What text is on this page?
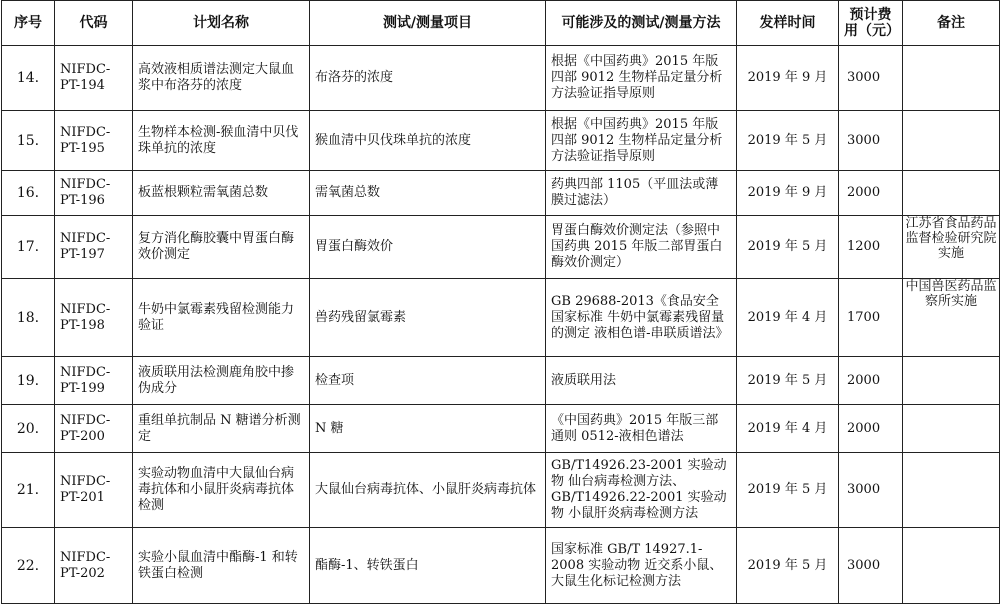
序号	代码	计划名称	测试/测量项目	可能涉及的测试/测量方法	发样时间	预计费用（元）	备注
14.	NIFDC-PT-194	高效液相质谱法测定大鼠血浆中布洛芬的浓度	布洛芬的浓度	根据《中国药典》2015 年版四部 9012 生物样品定量分析方法验证指导原则	2019 年 9 月	3000	
15.	NIFDC-PT-195	生物样本检测-猴血清中贝伐珠单抗的浓度	猴血清中贝伐珠单抗的浓度	根据《中国药典》2015 年版四部 9012 生物样品定量分析方法验证指导原则	2019 年 5 月	3000	
16.	NIFDC-PT-196	板蓝根颗粒需氧菌总数	需氧菌总数	药典四部 1105（平皿法或薄膜过滤法）	2019 年 9 月	2000	
17.	NIFDC-PT-197	复方消化酶胶囊中胃蛋白酶效价测定	胃蛋白酶效价	胃蛋白酶效价测定法（参照中国药典 2015 年版二部胃蛋白酶效价测定）	2019 年 5 月	1200	江苏省食品药品监督检验研究院实施
18.	NIFDC-PT-198	牛奶中氯霉素残留检测能力验证	兽药残留氯霉素	GB 29688-2013《食品安全国家标准 牛奶中氯霉素残留量的测定 液相色谱-串联质谱法》	2019 年 4 月	1700	中国兽医药品监察所实施
19.	NIFDC-PT-199	液质联用法检测鹿角胶中掺伪成分	检查项	液质联用法	2019 年 5 月	2000	
20.	NIFDC-PT-200	重组单抗制品 N 糖谱分析测定	N 糖	《中国药典》2015 年版三部通则 0512-液相色谱法	2019 年 4 月	2000	
21.	NIFDC-PT-201	实验动物血清中大鼠仙台病毒抗体和小鼠肝炎病毒抗体检测	大鼠仙台病毒抗体、小鼠肝炎病毒抗体	GB/T14926.23-2001 实验动物 仙台病毒检测方法、GB/T14926.22-2001 实验动物 小鼠肝炎病毒检测方法	2019 年 5 月	3000	
22.	NIFDC-PT-202	实验小鼠血清中酯酶-1 和转铁蛋白检测	酯酶-1、转铁蛋白	国家标准 GB/T 14927.1-2008 实验动物 近交系小鼠、大鼠生化标记检测方法	2019 年 5 月	3000	
